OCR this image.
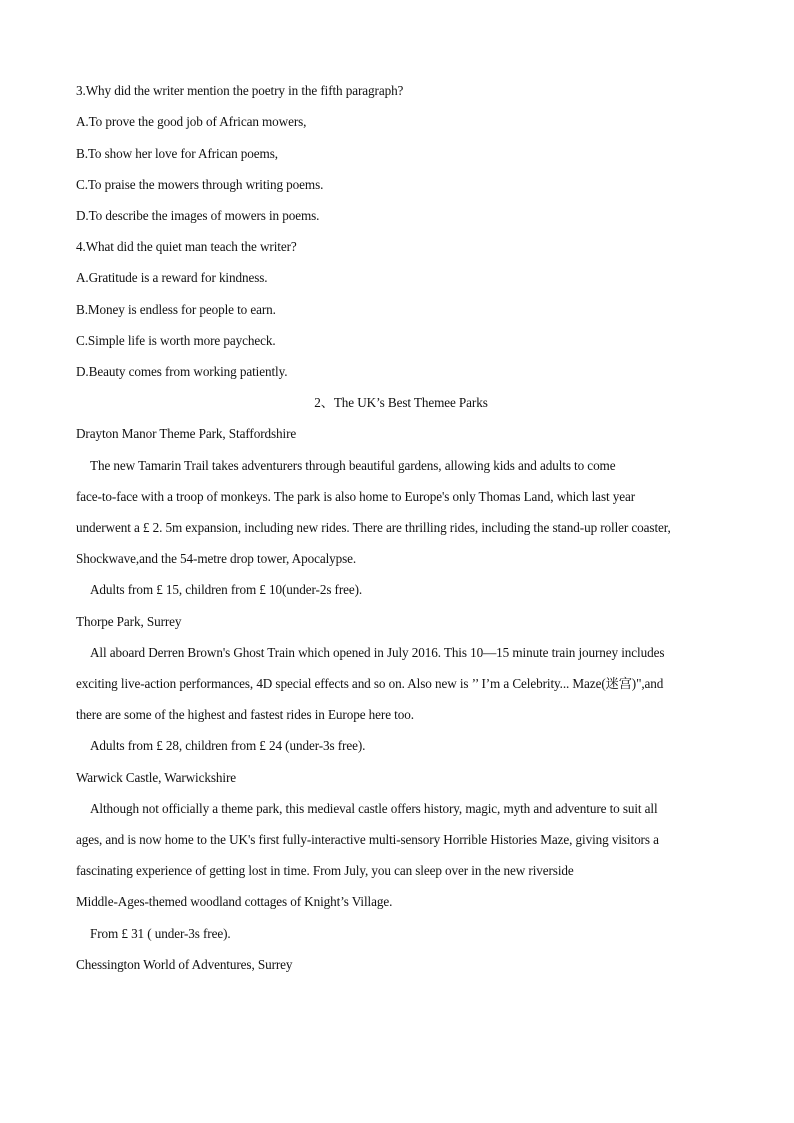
3.Why did the writer mention the poetry in the fifth paragraph?
A.To prove the good job of African mowers,
B.To show her love for African poems,
C.To praise the mowers through writing poems.
D.To describe the images of mowers in poems.
4.What did the quiet man teach the writer?
A.Gratitude is a reward for kindness.
B.Money is endless for people to earn.
C.Simple life is worth more paycheck.
D.Beauty comes from working patiently.
2、The UK’s Best Themee Parks
Drayton Manor Theme Park, Staffordshire
The new Tamarin Trail takes adventurers through beautiful gardens, allowing kids and adults to come
face-to-face with a troop of monkeys. The park is also home to Europe's only Thomas Land, which last year
underwent a £ 2. 5m expansion, including new rides. There are thrilling rides, including the stand-up roller coaster,
Shockwave,and the 54-metre drop tower, Apocalypse.
Adults from £ 15, children from £ 10(under-2s free).
Thorpe Park, Surrey
All aboard Derren Brown's Ghost Train which opened in July 2016. This 10—15 minute train journey includes
exciting live-action performances, 4D special effects and so on. Also new is ’’ I’m a Celebrity... Maze(迷宫)",and
there are some of the highest and fastest rides in Europe here too.
Adults from £ 28, children from £ 24 (under-3s free).
Warwick Castle, Warwickshire
Although not officially a theme park, this medieval castle offers history, magic, myth and adventure to suit all
ages, and is now home to the UK's first fully-interactive multi-sensory Horrible Histories Maze, giving visitors a
fascinating experience of getting lost in time. From July, you can sleep over in the new riverside
Middle-Ages-themed woodland cottages of Knight’s Village.
From £ 31 ( under-3s free).
Chessington World of Adventures, Surrey
